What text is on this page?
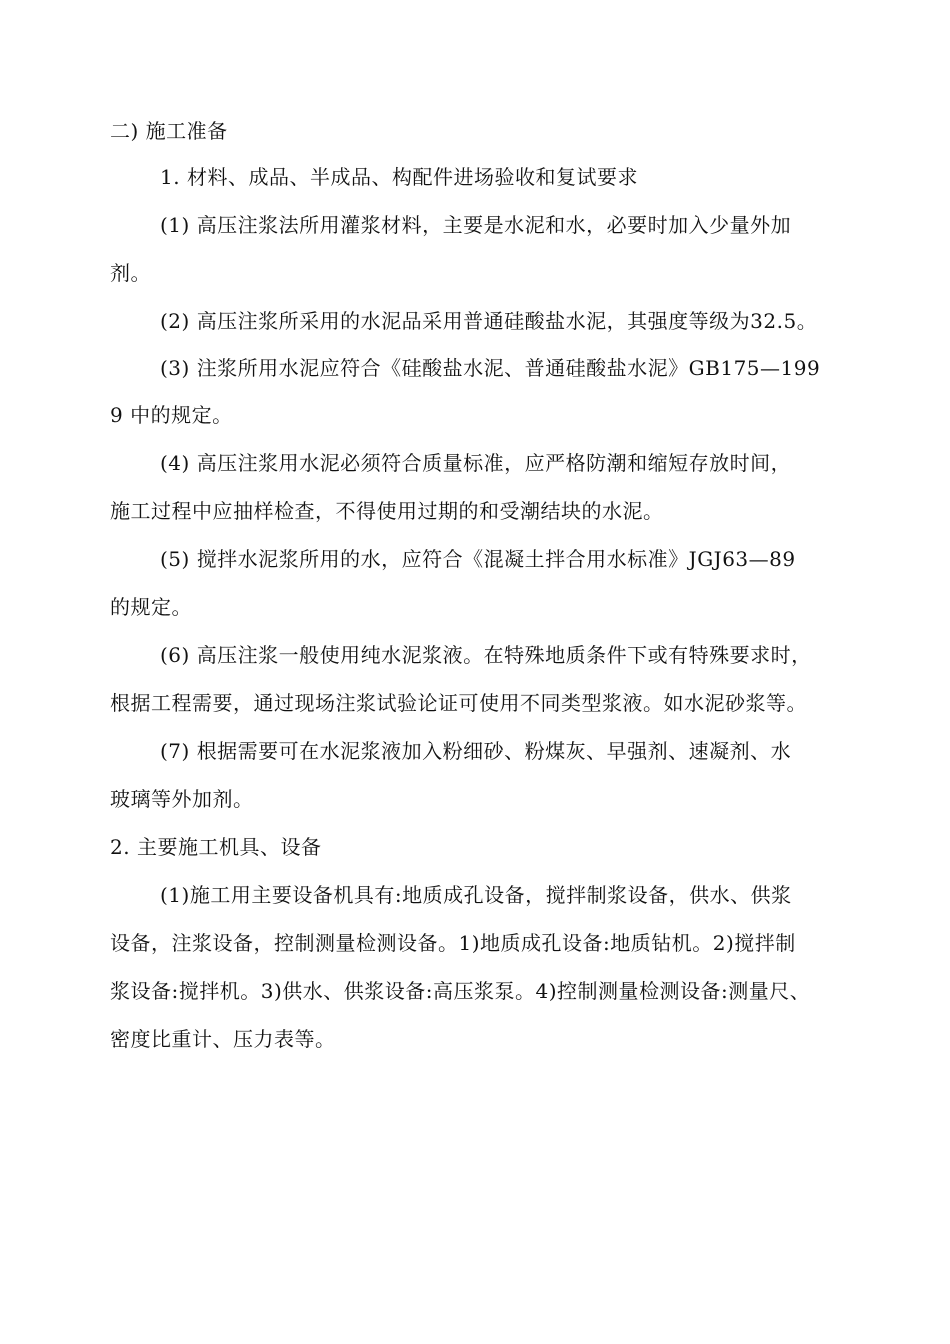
二) 施工准备
1. 材料、成品、半成品、构配件进场验收和复试要求
(1) 高压注浆法所用灌浆材料，主要是水泥和水，必要时加入少量外加
剂。
(2) 高压注浆所采用的水泥品采用普通硅酸盐水泥，其强度等级为32.5。
(3) 注浆所用水泥应符合《硅酸盐水泥、普通硅酸盐水泥》GB175—199
9 中的规定。
(4) 高压注浆用水泥必须符合质量标准，应严格防潮和缩短存放时间，
施工过程中应抽样检查，不得使用过期的和受潮结块的水泥。
(5) 搅拌水泥浆所用的水，应符合《混凝土拌合用水标准》JGJ63—89
的规定。
(6) 高压注浆一般使用纯水泥浆液。在特殊地质条件下或有特殊要求时，
根据工程需要，通过现场注浆试验论证可使用不同类型浆液。如水泥砂浆等。
(7) 根据需要可在水泥浆液加入粉细砂、粉煤灰、早强剂、速凝剂、水
玻璃等外加剂。
2. 主要施工机具、设备
(1)施工用主要设备机具有:地质成孔设备，搅拌制浆设备，供水、供浆
设备，注浆设备，控制测量检测设备。1)地质成孔设备:地质钻机。2)搅拌制
浆设备:搅拌机。3)供水、供浆设备:高压浆泵。4)控制测量检测设备:测量尺、
密度比重计、压力表等。
